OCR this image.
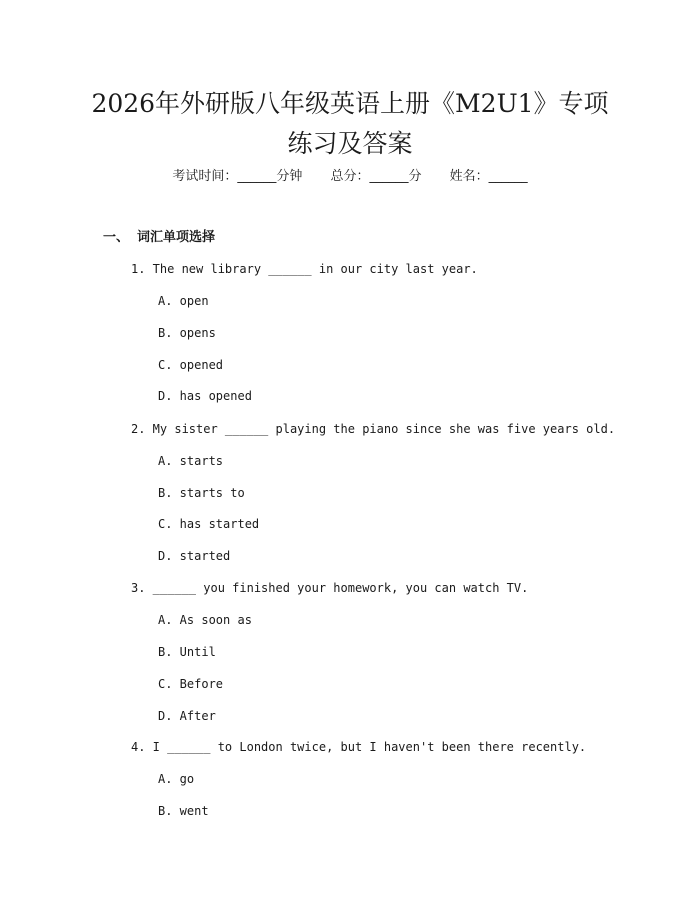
2026年外研版八年级英语上册《M2U1》专项
练习及答案
考试时间：______分钟 总分：______分 姓名：______
一、 词汇单项选择
1. The new library ______ in our city last year.
A. open
B. opens
C. opened
D. has opened
2. My sister ______ playing the piano since she was five years old.
A. starts
B. starts to
C. has started
D. started
3. ______ you finished your homework, you can watch TV.
A. As soon as
B. Until
C. Before
D. After
4. I ______ to London twice, but I haven't been there recently.
A. go
B. went
